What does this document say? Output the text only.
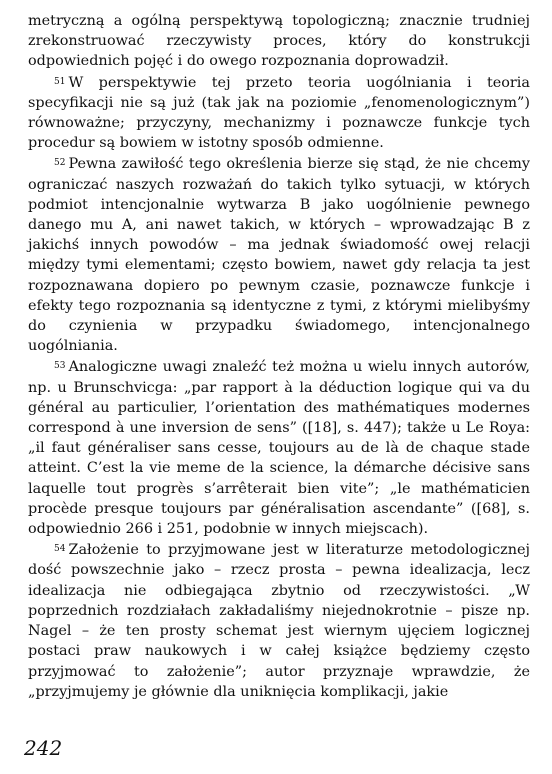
metryczną a ogólną perspektywą topologiczną; znacznie trudniej zrekonstruować rzeczywisty proces, który do konstrukcji odpowiednich pojęć i do owego rozpoznania doprowadził.

$^{51}$ W perspektywie tej przeto teoria uogólniania i teoria specyfikacji nie są już (tak jak na poziomie „fenomenologicznym”) równoważne; przyczyny, mechanizmy i poznawcze funkcje tych procedur są bowiem w istotny sposób odmienne.

$^{52}$ Pewna zawiłość tego określenia bierze się stąd, że nie chcemy ograniczać naszych rozważań do takich tylko sytuacji, w których podmiot intencjonalnie wytwarza B jako uogólnienie pewnego danego mu A, ani nawet takich, w których – wprowadzając B z jakichś innych powodów – ma jednak świadomość owej relacji między tymi elementami; często bowiem, nawet gdy relacja ta jest rozpoznawana dopiero po pewnym czasie, poznawcze funkcje i efekty tego rozpoznania są identyczne z tymi, z którymi mielibyśmy do czynienia w przypadku świadomego, intencjonalnego uogólniania.

$^{53}$ Analogiczne uwagi znaleźć też można u wielu innych autorów, np. u Brunschvicga: „par rapport à la déduction logique qui va du général au particulier, l’orientation des mathématiques modernes correspond à une inversion de sens” ([18], s. 447); także u Le Roya: „il faut généraliser sans cesse, toujours au de là de chaque stade atteint. C’est la vie meme de la science, la démarche décisive sans laquelle tout progrès s’arrêterait bien vite”; „le mathématicien procède presque toujours par généralisation ascendante” ([68], s. odpowiednio 266 i 251, podobnie w innych miejscach).

$^{54}$ Założenie to przyjmowane jest w literaturze metodologicznej dość powszechnie jako – rzecz prosta – pewna idealizacja, lecz idealizacja nie odbiegająca zbytnio od rzeczywistości. „W poprzednich rozdziałach zakładaliśmy niejednokrotnie – pisze np. Nagel – że ten prosty schemat jest wiernym ujęciem logicznej postaci praw naukowych i w całej książce będziemy często przyjmować to założenie”; autor przyznaje wprawdzie, że „przyjmujemy je głównie dla uniknięcia komplikacji, jakie

242
